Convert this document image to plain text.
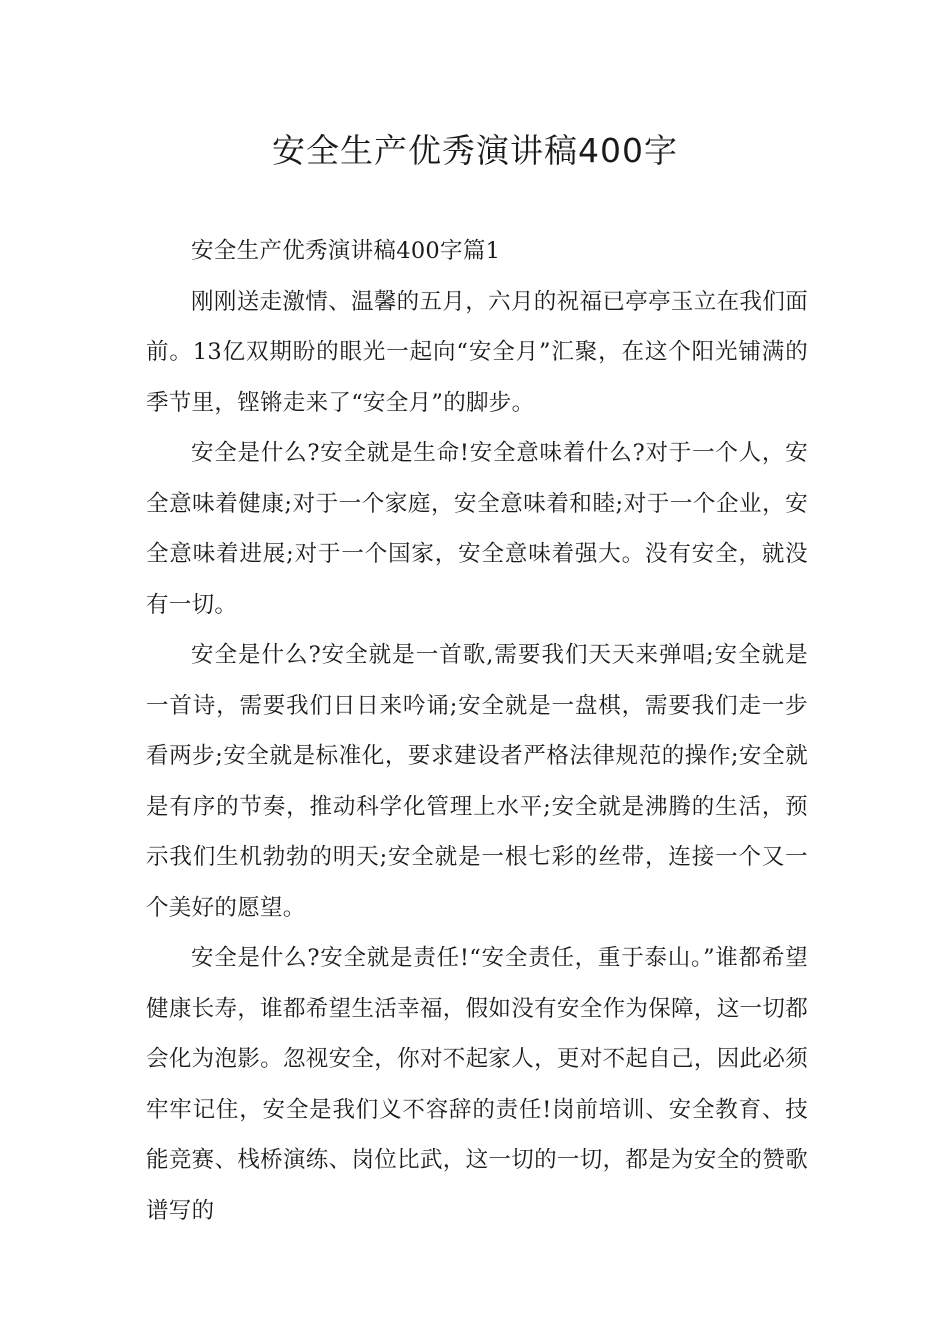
安全生产优秀演讲稿400字

安全生产优秀演讲稿400字篇1

刚刚送走激情、温馨的五月，六月的祝福已亭亭玉立在我们面前。13亿双期盼的眼光一起向“安全月”汇聚，在这个阳光铺满的季节里，铿锵走来了“安全月”的脚步。

安全是什么?安全就是生命!安全意味着什么?对于一个人，安全意味着健康;对于一个家庭，安全意味着和睦;对于一个企业，安全意味着进展;对于一个国家，安全意味着强大。没有安全，就没有一切。

安全是什么?安全就是一首歌,需要我们天天来弹唱;安全就是一首诗，需要我们日日来吟诵;安全就是一盘棋，需要我们走一步看两步;安全就是标准化，要求建设者严格法律规范的操作;安全就是有序的节奏，推动科学化管理上水平;安全就是沸腾的生活，预示我们生机勃勃的明天;安全就是一根七彩的丝带，连接一个又一个美好的愿望。

安全是什么?安全就是责任!“安全责任，重于泰山。”谁都希望健康长寿，谁都希望生活幸福，假如没有安全作为保障，这一切都会化为泡影。忽视安全，你对不起家人，更对不起自己，因此必须牢牢记住，安全是我们义不容辞的责任!岗前培训、安全教育、技能竞赛、栈桥演练、岗位比武，这一切的一切，都是为安全的赞歌谱写的
